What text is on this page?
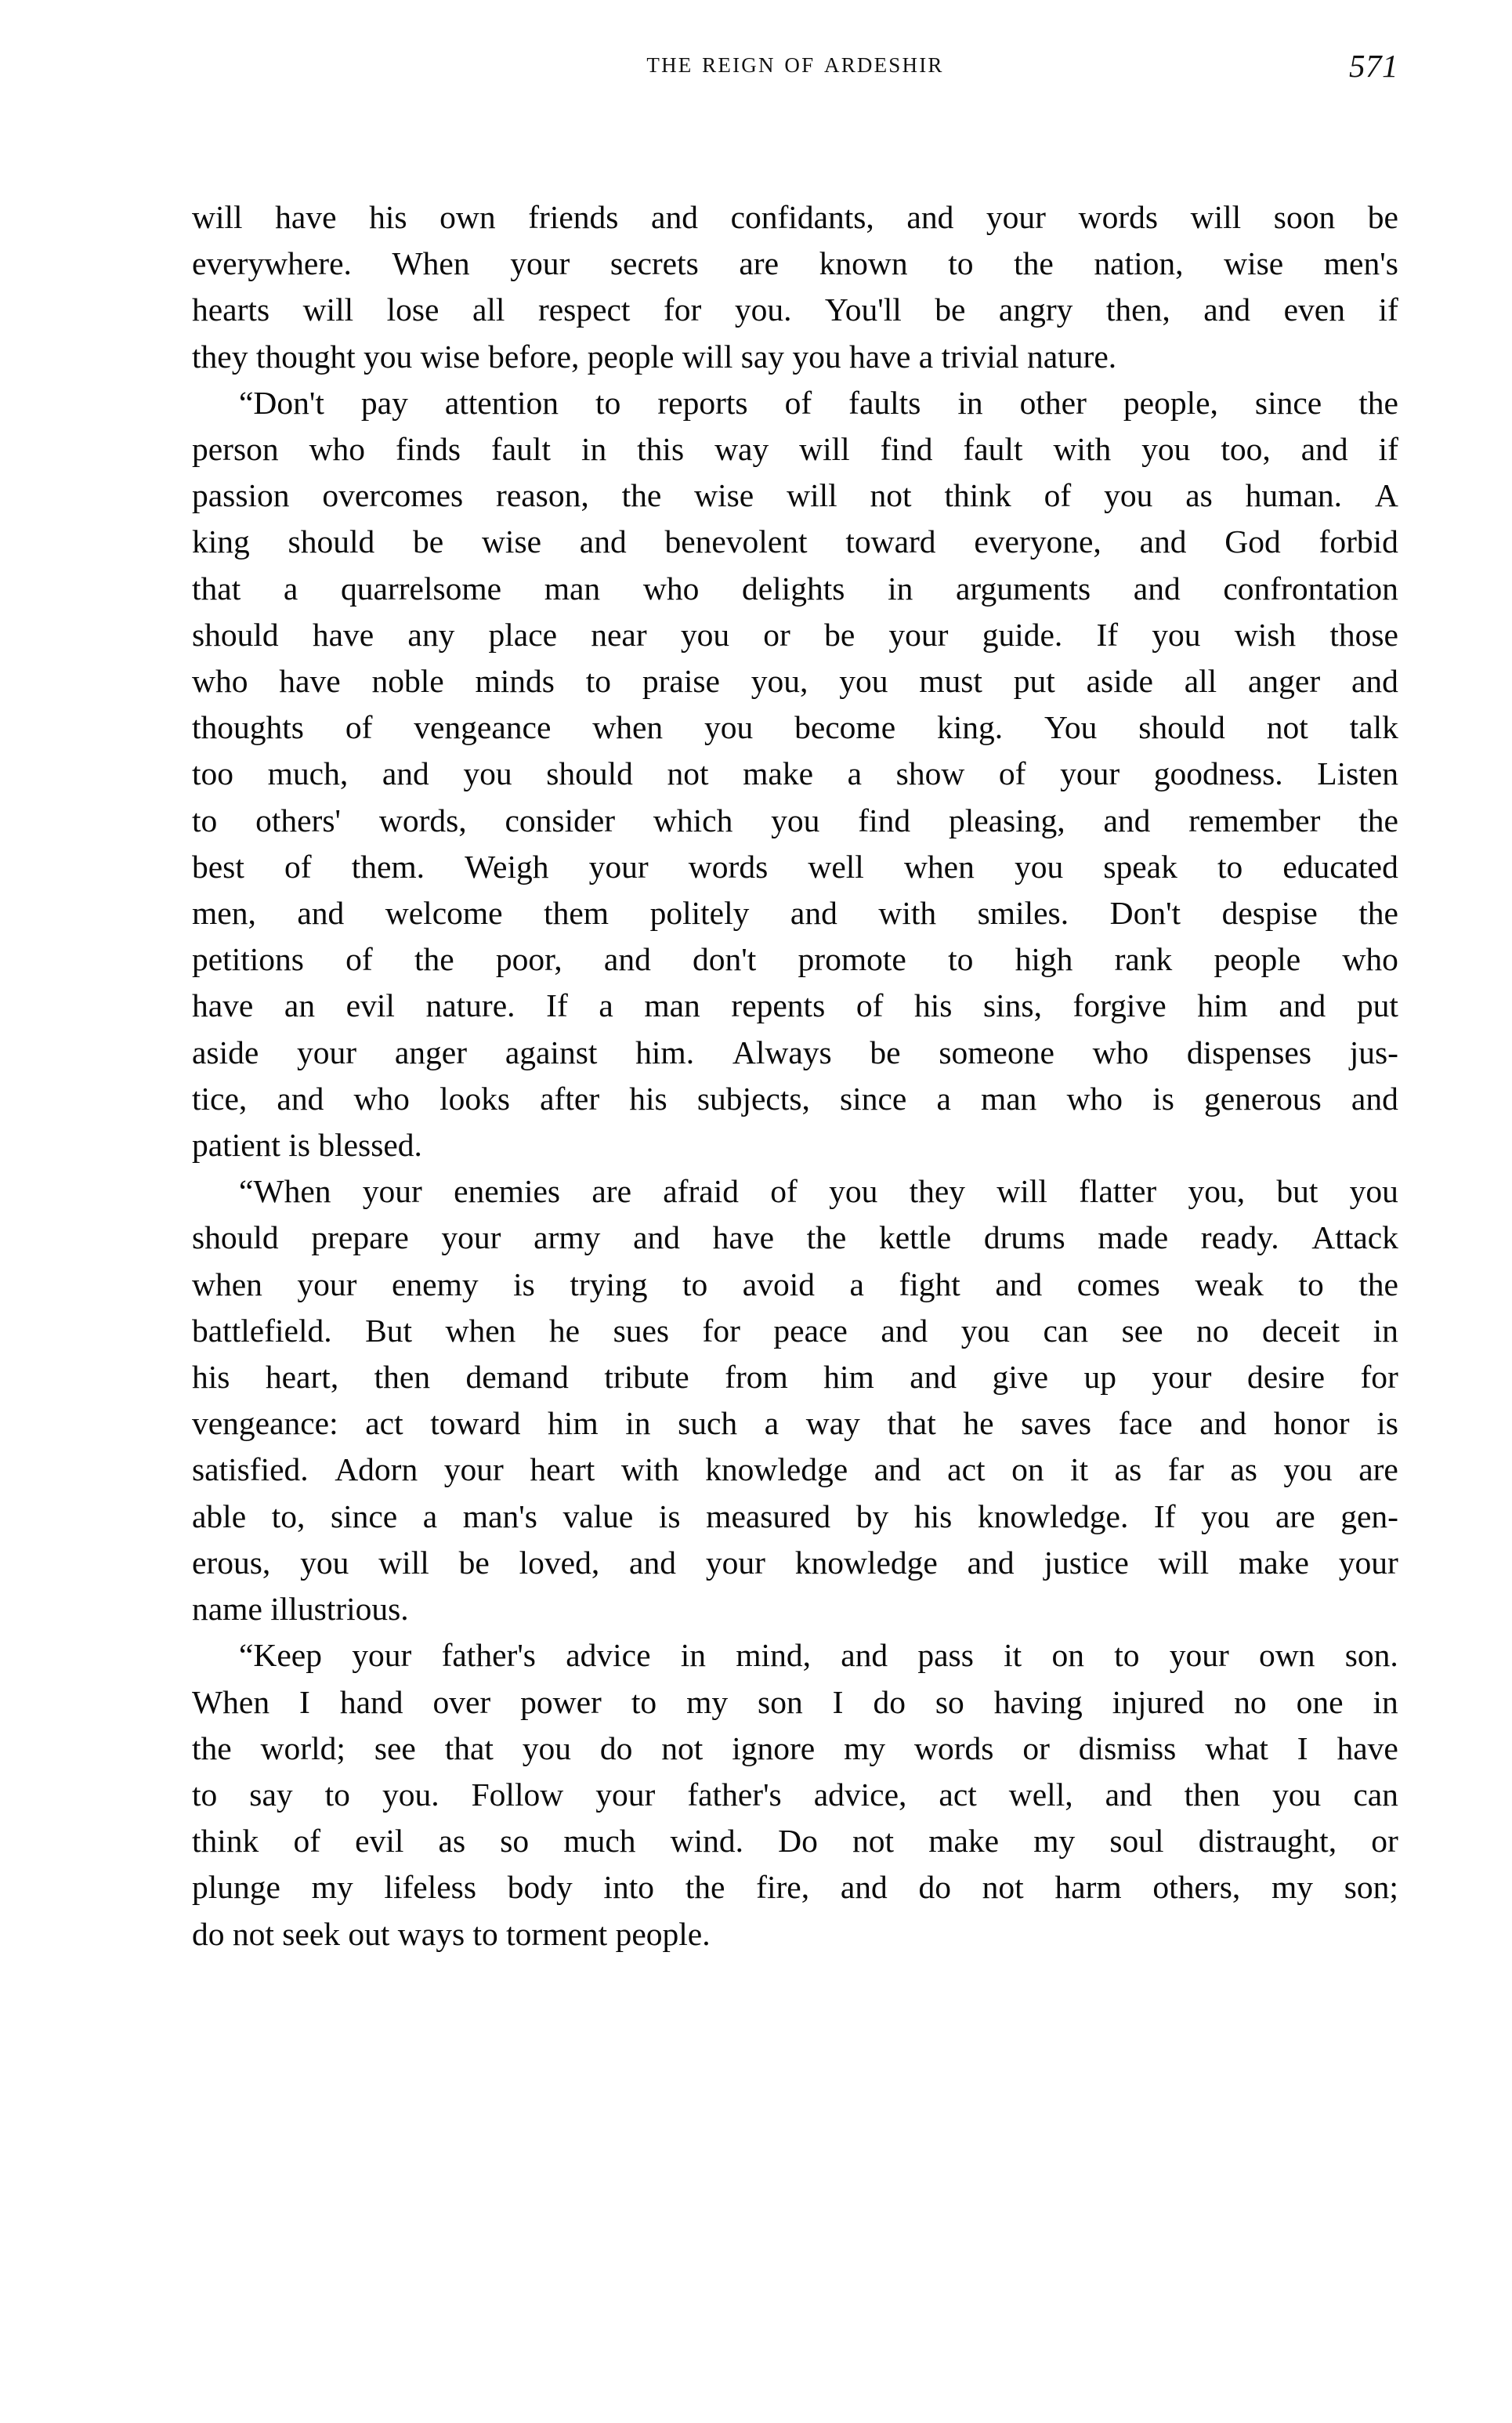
the reign of ardeshir	571
will have his own friends and confidants, and your words will soon be
everywhere. When your secrets are known to the nation, wise men's
hearts will lose all respect for you. You'll be angry then, and even if
they thought you wise before, people will say you have a trivial nature.
“Don't pay attention to reports of faults in other people, since the
person who finds fault in this way will find fault with you too, and if
passion overcomes reason, the wise will not think of you as human. A
king should be wise and benevolent toward everyone, and God forbid
that a quarrelsome man who delights in arguments and confrontation
should have any place near you or be your guide. If you wish those
who have noble minds to praise you, you must put aside all anger and
thoughts of vengeance when you become king. You should not talk
too much, and you should not make a show of your goodness. Listen
to others' words, consider which you find pleasing, and remember the
best of them. Weigh your words well when you speak to educated
men, and welcome them politely and with smiles. Don't despise the
petitions of the poor, and don't promote to high rank people who
have an evil nature. If a man repents of his sins, forgive him and put
aside your anger against him. Always be someone who dispenses jus-
tice, and who looks after his subjects, since a man who is generous and
patient is blessed.
“When your enemies are afraid of you they will flatter you, but you
should prepare your army and have the kettle drums made ready. Attack
when your enemy is trying to avoid a fight and comes weak to the
battlefield. But when he sues for peace and you can see no deceit in
his heart, then demand tribute from him and give up your desire for
vengeance: act toward him in such a way that he saves face and honor is
satisfied. Adorn your heart with knowledge and act on it as far as you are
able to, since a man's value is measured by his knowledge. If you are gen-
erous, you will be loved, and your knowledge and justice will make your
name illustrious.
“Keep your father's advice in mind, and pass it on to your own son.
When I hand over power to my son I do so having injured no one in
the world; see that you do not ignore my words or dismiss what I have
to say to you. Follow your father's advice, act well, and then you can
think of evil as so much wind. Do not make my soul distraught, or
plunge my lifeless body into the fire, and do not harm others, my son;
do not seek out ways to torment people.
